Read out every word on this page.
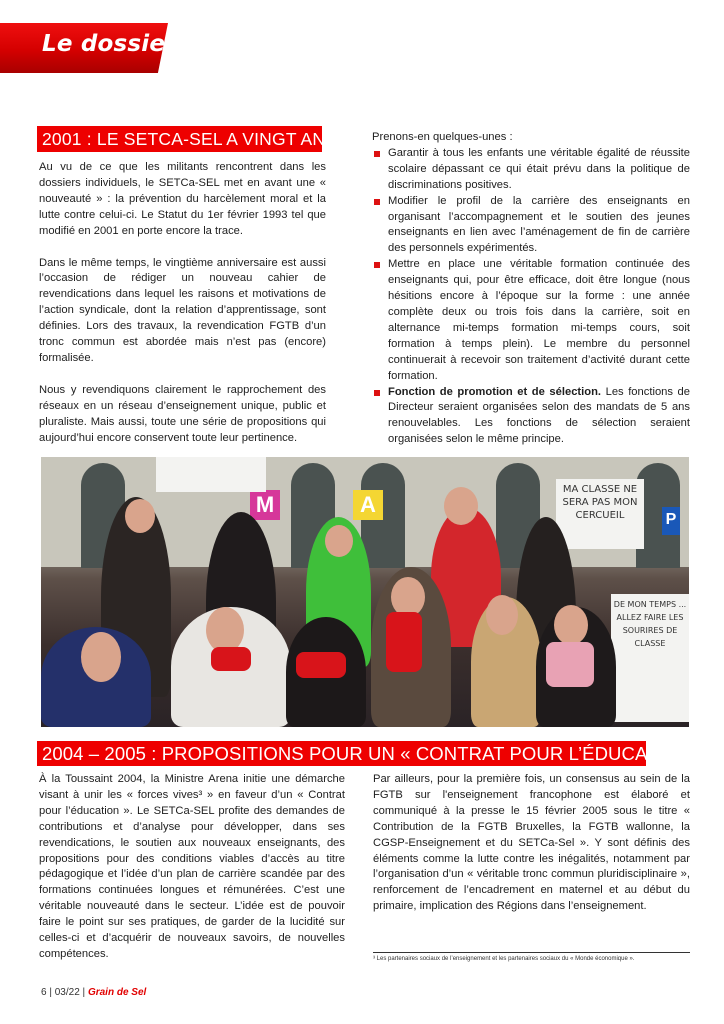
Le dossier
2001 : LE SETCA-SEL A VINGT ANS

Au vu de ce que les militants rencontrent dans les dossiers individuels, le SETCa-SEL met en avant une « nouveauté » : la prévention du harcèlement moral et la lutte contre celui-ci. Le Statut du 1er février 1993 tel que modifié en 2001 en porte encore la trace.

Dans le même temps, le vingtième anniversaire est aussi l’occasion de rédiger un nouveau cahier de revendications dans lequel les raisons et motivations de l’action syndicale, dont la relation d’apprentissage, sont définies. Lors des travaux, la revendication FGTB d’un tronc commun est abordée mais n’est pas (encore) formalisée.

Nous y revendiquons clairement le rapprochement des réseaux en un réseau d’enseignement unique, public et pluraliste. Mais aussi, toute une série de propositions qui aujourd’hui encore conservent toute leur pertinence.

Prenons-en quelques-unes :

Garantir à tous les enfants une véritable égalité de réussite scolaire dépassant ce qui était prévu dans la politique de discriminations positives.
Modifier le profil de la carrière des enseignants en organisant l’accompagnement et le soutien des jeunes enseignants en lien avec l’aménagement de fin de carrière des personnels expérimentés.
Mettre en place une véritable formation continuée des enseignants qui, pour être efficace, doit être longue (nous hésitions encore à l’époque sur la forme : une année complète deux ou trois fois dans la carrière, soit en alternance mi-temps formation mi-temps cours, soit formation à temps plein). Le membre du personnel continuerait à recevoir son traitement d’activité durant cette formation.
Fonction de promotion et de sélection. Les fonctions de Directeur seraient organisées selon des mandats de 5 ans renouvelables. Les fonctions de sélection seraient organisées selon le même principe.
M	A
P
MA CLASSE NE SERA PAS MON CERCUEIL
DE MON TEMPS ... ALLEZ FAIRE LES SOURIRES DE CLASSE
2004 – 2005 : PROPOSITIONS POUR UN « CONTRAT POUR L’ÉDUCATION »

À la Toussaint 2004, la Ministre Arena initie une démarche visant à unir les « forces vives³ » en faveur d’un « Contrat pour l’éducation ». Le SETCa-SEL profite des demandes de contributions et d’analyse pour développer, dans ses revendications, le soutien aux nouveaux enseignants, des propositions pour des conditions viables d’accès au titre pédagogique et l’idée d’un plan de carrière scandée par des formations continuées longues et rémunérées. C’est une véritable nouveauté dans le secteur. L’idée est de pouvoir faire le point sur ses pratiques, de garder de la lucidité sur celles-ci et d’acquérir de nouveaux savoirs, de nouvelles compétences.

Par ailleurs, pour la première fois, un consensus au sein de la FGTB sur l'enseignement francophone est élaboré et communiqué à la presse le 15 février 2005 sous le titre « Contribution de la FGTB Bruxelles, la FGTB wallonne, la CGSP-Enseignement et du SETCa-Sel ». Y sont définis des éléments comme la lutte contre les inégalités, notamment par l’organisation d’un « véritable tronc commun pluridisciplinaire », renforcement de l’encadrement en maternel et au début du primaire, implication des Régions dans l’enseignement.

³ Les partenaires sociaux de l’enseignement et les partenaires sociaux du « Monde économique ».
6 | 03/22 | Grain de Sel
